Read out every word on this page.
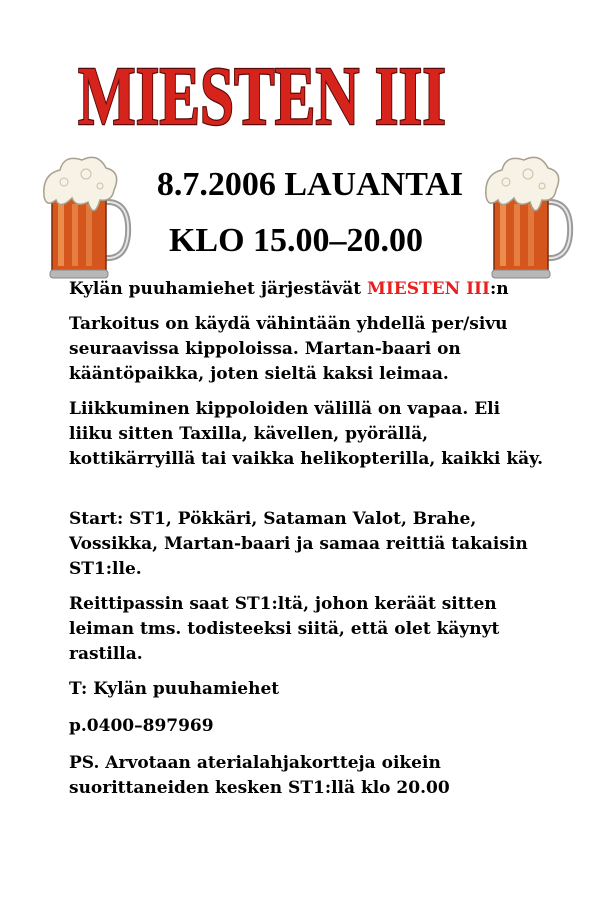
MIESTEN III
8.7.2006 LAUANTAI
KLO 15.00–20.00

Kylän puuhamiehet järjestävät MIESTEN III:n

Tarkoitus on käydä vähintään yhdellä per/sivu seuraavissa kippoloissa. Martan-baari on kääntöpaikka, joten sieltä kaksi leimaa.

Liikkuminen kippoloiden välillä on vapaa. Eli liiku sitten Taxilla, kävellen, pyörällä, kottikärryillä tai vaikka helikopterilla, kaikki käy.

Start: ST1, Pökkäri, Sataman Valot, Brahe, Vossikka, Martan-baari ja samaa reittiä takaisin ST1:lle.

Reittipassin saat ST1:ltä, johon keräät sitten leiman tms. todisteeksi siitä, että olet käynyt rastilla.

T: Kylän puuhamiehet

p.0400–897969

PS. Arvotaan aterialahjakortteja oikein suorittaneiden kesken ST1:llä klo 20.00
